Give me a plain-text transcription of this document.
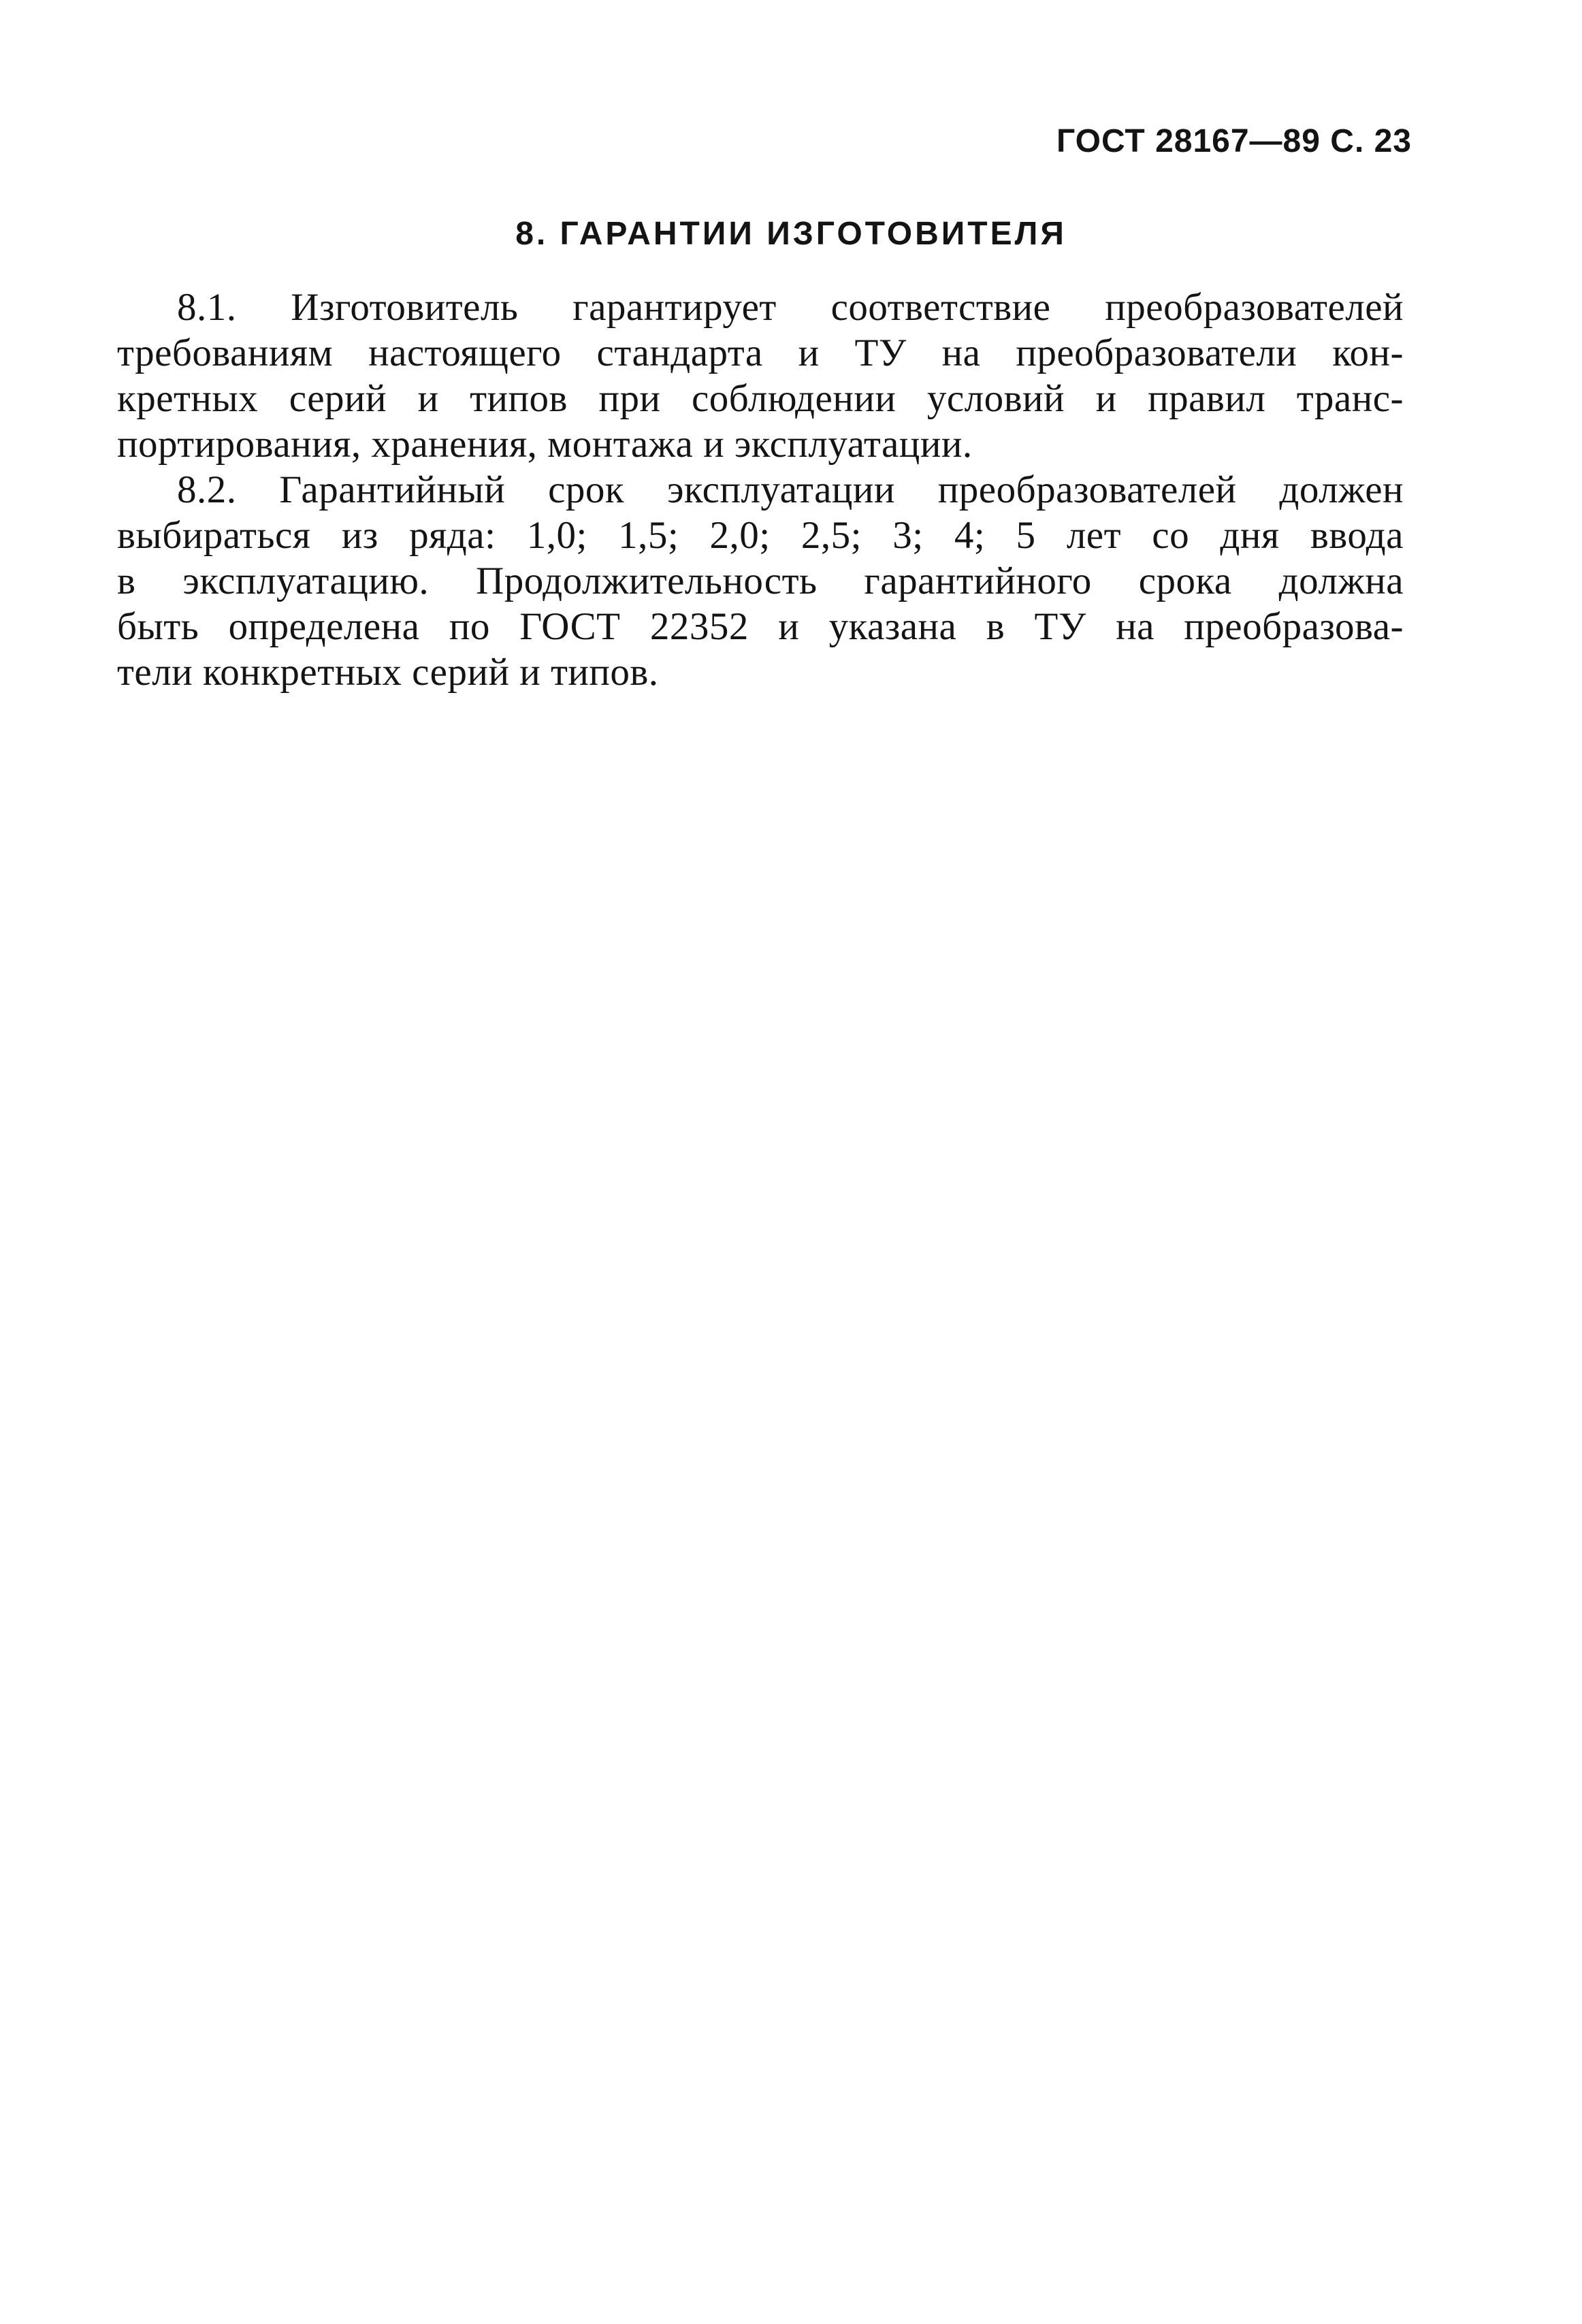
ГОСТ 28167—89 С. 23
8. ГАРАНТИИ ИЗГОТОВИТЕЛЯ

8.1. Изготовитель гарантирует соответствие преобразователей
требованиям настоящего стандарта и ТУ на преобразователи кон-
кретных серий и типов при соблюдении условий и правил транс-
портирования, хранения, монтажа и эксплуатации.

8.2. Гарантийный срок эксплуатации преобразователей должен
выбираться из ряда: 1,0; 1,5; 2,0; 2,5; 3; 4; 5 лет со дня ввода
в эксплуатацию. Продолжительность гарантийного срока должна
быть определена по ГОСТ 22352 и указана в ТУ на преобразова-
тели конкретных серий и типов.
